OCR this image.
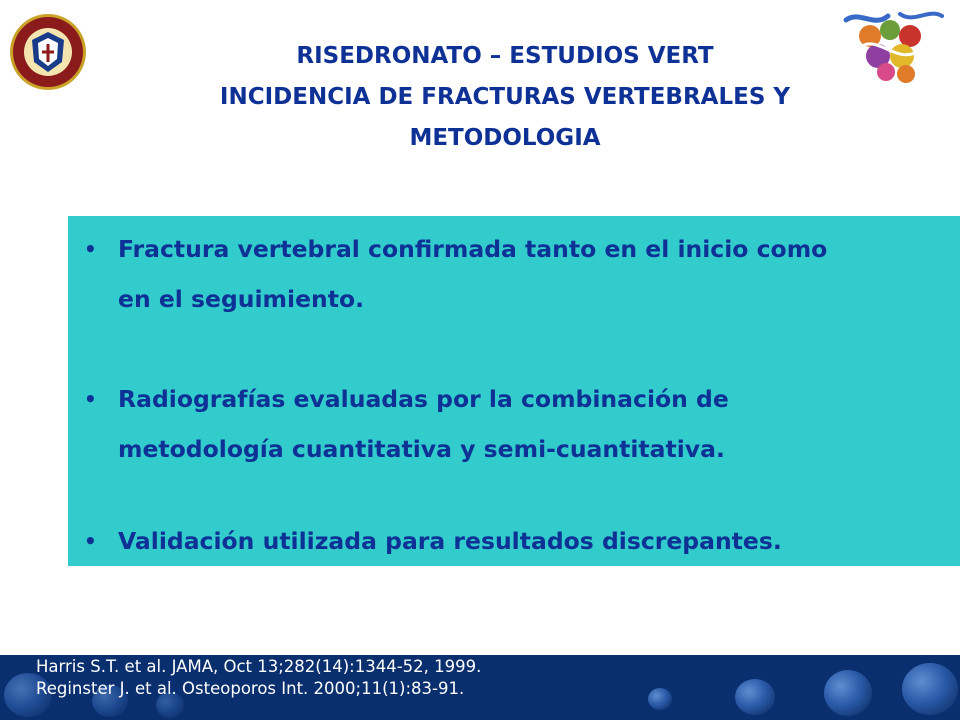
RISEDRONATO – ESTUDIOS VERT
INCIDENCIA DE FRACTURAS VERTEBRALES Y
METODOLOGIA
• Fractura vertebral confirmada tanto en el inicio como
en el seguimiento.
• Radiografías evaluadas por la combinación de
metodología cuantitativa y semi-cuantitativa.
• Validación utilizada para resultados discrepantes.
Harris S.T. et al. JAMA, Oct 13;282(14):1344-52, 1999.
Reginster J. et al. Osteoporos Int. 2000;11(1):83-91.
